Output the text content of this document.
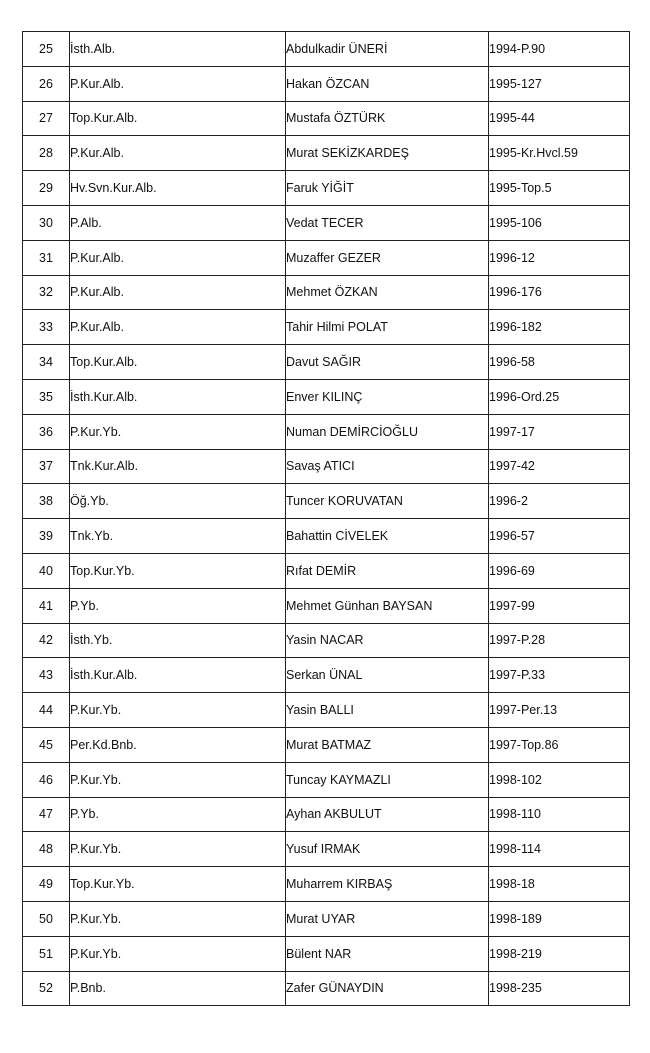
25	İsth.Alb.	Abdulkadir ÜNERİ	1994-P.90
26	P.Kur.Alb.	Hakan ÖZCAN	1995-127
27	Top.Kur.Alb.	Mustafa ÖZTÜRK	1995-44
28	P.Kur.Alb.	Murat SEKİZKARDEŞ	1995-Kr.Hvcl.59
29	Hv.Svn.Kur.Alb.	Faruk YİĞİT	1995-Top.5
30	P.Alb.	Vedat TECER	1995-106
31	P.Kur.Alb.	Muzaffer GEZER	1996-12
32	P.Kur.Alb.	Mehmet ÖZKAN	1996-176
33	P.Kur.Alb.	Tahir Hilmi POLAT	1996-182
34	Top.Kur.Alb.	Davut SAĞIR	1996-58
35	İsth.Kur.Alb.	Enver KILINÇ	1996-Ord.25
36	P.Kur.Yb.	Numan DEMİRCİOĞLU	1997-17
37	Tnk.Kur.Alb.	Savaş ATICI	1997-42
38	Öğ.Yb.	Tuncer KORUVATAN	1996-2
39	Tnk.Yb.	Bahattin CİVELEK	1996-57
40	Top.Kur.Yb.	Rıfat DEMİR	1996-69
41	P.Yb.	Mehmet Günhan BAYSAN	1997-99
42	İsth.Yb.	Yasin NACAR	1997-P.28
43	İsth.Kur.Alb.	Serkan ÜNAL	1997-P.33
44	P.Kur.Yb.	Yasin BALLI	1997-Per.13
45	Per.Kd.Bnb.	Murat BATMAZ	1997-Top.86
46	P.Kur.Yb.	Tuncay KAYMAZLI	1998-102
47	P.Yb.	Ayhan AKBULUT	1998-110
48	P.Kur.Yb.	Yusuf IRMAK	1998-114
49	Top.Kur.Yb.	Muharrem KIRBAŞ	1998-18
50	P.Kur.Yb.	Murat UYAR	1998-189
51	P.Kur.Yb.	Bülent NAR	1998-219
52	P.Bnb.	Zafer GÜNAYDIN	1998-235
